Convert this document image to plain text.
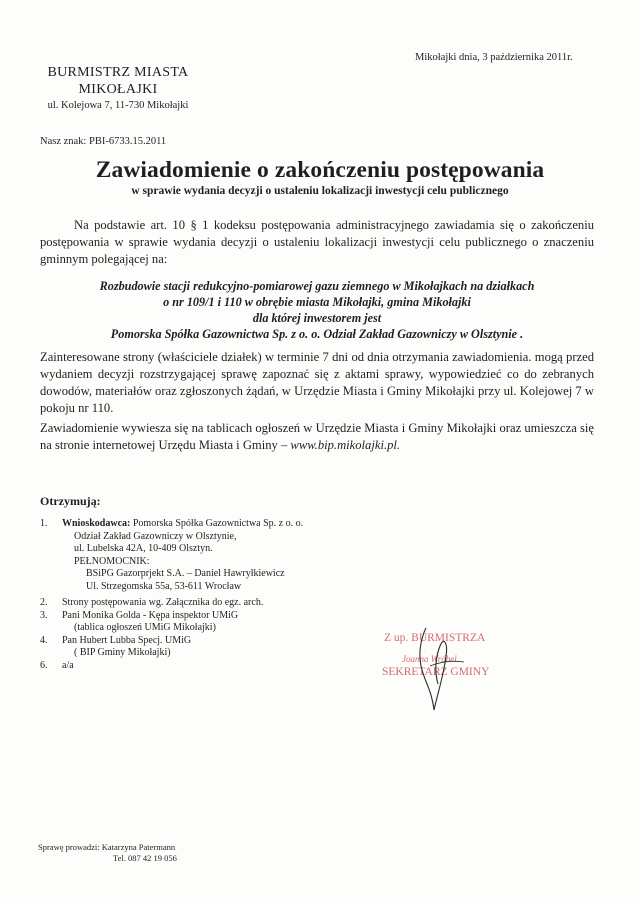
Mikołajki dnia, 3 października 2011r.
BURMISTRZ MIASTA
MIKOŁAJKI
ul. Kolejowa 7, 11-730 Mikołajki
Nasz znak: PBI-6733.15.2011
Zawiadomienie o zakończeniu postępowania
w sprawie wydania decyzji o ustaleniu lokalizacji inwestycji celu publicznego
Na podstawie art. 10 § 1 kodeksu postępowania administracyjnego zawiadamia się o zakończeniu postępowania w sprawie wydania decyzji o ustaleniu lokalizacji inwestycji celu publicznego o znaczeniu gminnym polegającej na:
Rozbudowie stacji redukcyjno-pomiarowej gazu ziemnego w Mikołajkach na działkach
o nr 109/1 i 110 w obrębie miasta Mikołajki, gmina Mikołajki
dla której inwestorem jest
Pomorska Spółka Gazownictwa Sp. z o. o. Odział Zakład Gazowniczy w Olsztynie .
Zainteresowane strony (właściciele działek) w terminie 7 dni od dnia otrzymania zawiadomienia. mogą przed wydaniem decyzji rozstrzygającej sprawę zapoznać się z aktami sprawy, wypowiedzieć co do zebranych dowodów, materiałów oraz zgłoszonych żądań, w Urzędzie Miasta i Gminy Mikołajki przy ul. Kolejowej 7 w pokoju nr 110.
Zawiadomienie wywiesza się na tablicach ogłoszeń w Urzędzie Miasta i Gminy Mikołajki oraz umieszcza się na stronie internetowej Urzędu Miasta i Gminy – www.bip.mikolajki.pl.
Otrzymują:
1. Wnioskodawca: Pomorska Spółka Gazownictwa Sp. z o. o.
Odział Zakład Gazowniczy w Olsztynie,
ul. Lubelska 42A, 10-409 Olsztyn.
PEŁNOMOCNIK:
BSiPG Gazorprjekt S.A. – Daniel Hawryłkiewicz
Ul. Strzegomska 55a, 53-611 Wrocław
2. Strony postępowania wg. Załącznika do egz. arch.
3. Pani Monika Golda - Kępa inspektor UMiG
(tablica ogłoszeń UMiG Mikołajki)
4. Pan Hubert Lubba Specj. UMiG
( BIP Gminy Mikołajki)
6. a/a
Z up. BURMISTRZA
Joanna Wróbel
SEKRETARZ GMINY
Sprawę prowadzi: Katarzyna Patermann
Tel. 087 42 19 056
